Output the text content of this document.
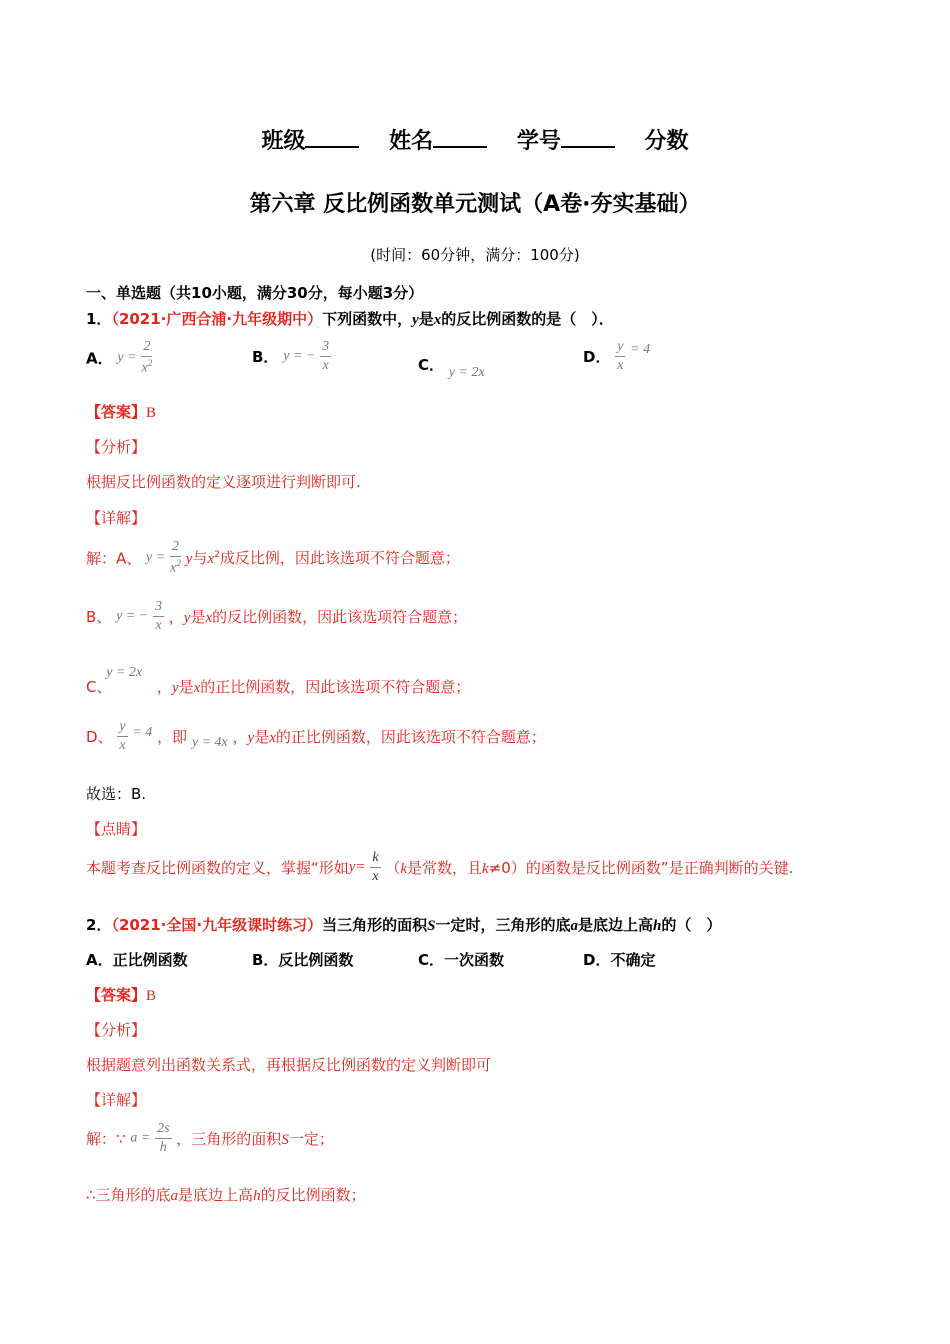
班级	姓名	学号	分数
第六章 反比例函数单元测试（A卷·夯实基础）
(时间：60分钟，满分：100分)
一、单选题（共10小题，满分30分，每小题3分）
1．（2021·广西合浦·九年级期中）下列函数中，y是x的反比例函数的是（　）．
A． $y = \frac{2}{x^2}$	B． y = − $\frac{3}{x}$	C． y = 2x
D． $\frac{y}{x} = 4$
【答案】B
【分析】
根据反比例函数的定义逐项进行判断即可.
【详解】
解：A、 $y = \frac{2}{x^2}$ y与$x^2$成反比例，因此该选项不符合题意；
B、 y = − $\frac{3}{x}$ ，y是x的反比例函数，因此该选项符合题意；
C、 y = 2x ，y是x的正比例函数，因此该选项不符合题意；
D、 $\frac{y}{x} = 4$ ，即 y = 4x ，y是x的正比例函数，因此该选项不符合题意；
故选：B.
【点睛】
本题考查反比例函数的定义，掌握“形如$y= \frac{k}{x} (k$是常数，且k≠0）的函数是反比例函数”是正确判断的关键.
2．（2021·全国·九年级课时练习）当三角形的面积S一定时，三角形的底a是底边上高h的（　）
A．正比例函数	B．反比例函数	C．一次函数	D．不确定
【答案】B
【分析】
根据题意列出函数关系式，再根据反比例函数的定义判断即可
【详解】
解：∵ $a = \frac{2s}{h}$ ，三角形的面积S一定；
∴三角形的底a是底边上高h的反比例函数；
